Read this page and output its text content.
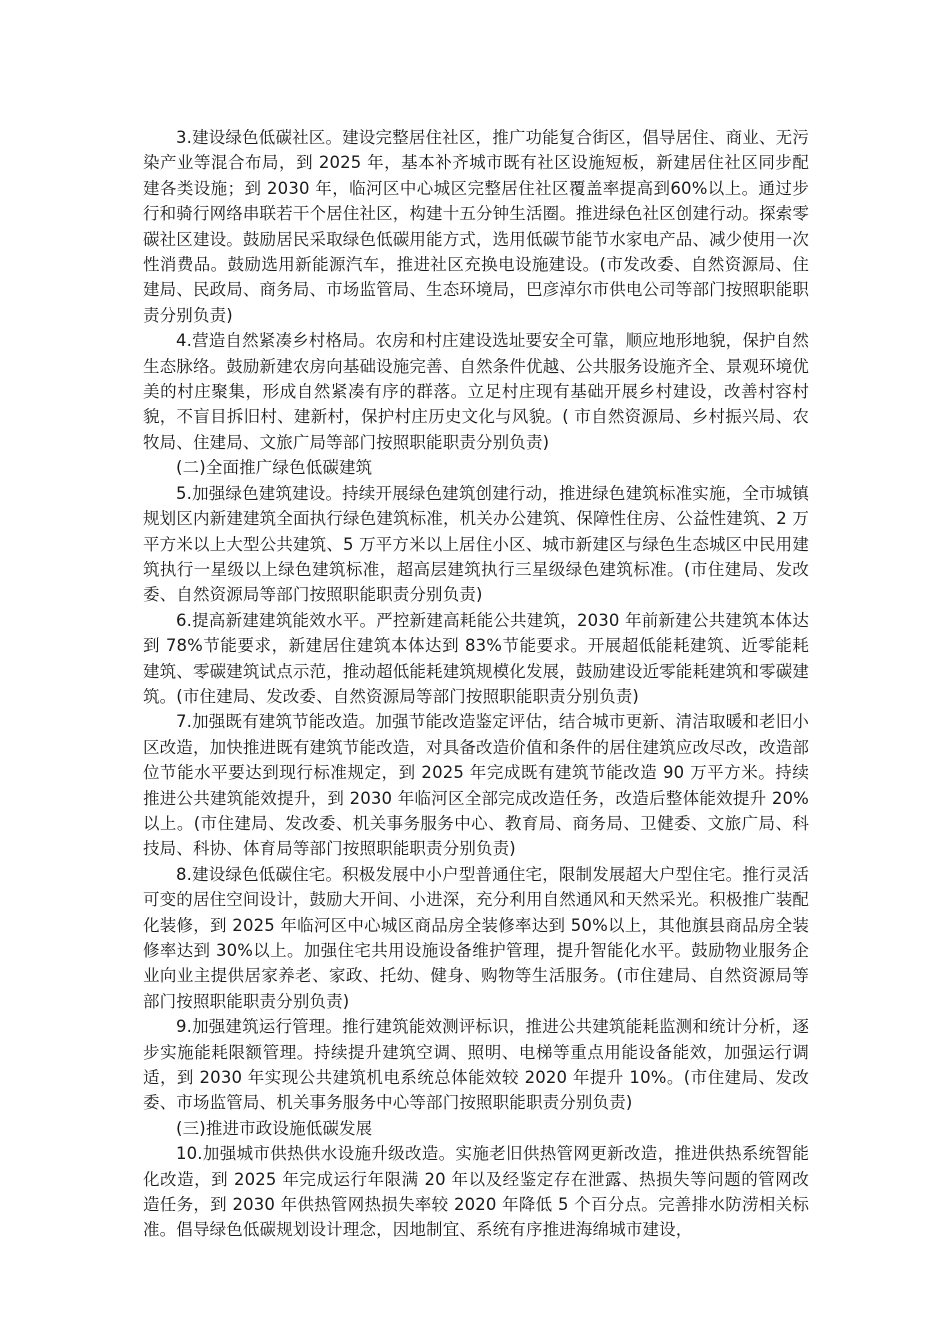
3.建设绿色低碳社区。建设完整居住社区，推广功能复合街区，倡导居住、商业、无污染产业等混合布局，到 2025 年，基本补齐城市既有社区设施短板，新建居住社区同步配建各类设施；到 2030 年，临河区中心城区完整居住社区覆盖率提高到60%以上。通过步行和骑行网络串联若干个居住社区，构建十五分钟生活圈。推进绿色社区创建行动。探索零碳社区建设。鼓励居民采取绿色低碳用能方式，选用低碳节能节水家电产品、减少使用一次性消费品。鼓励选用新能源汽车，推进社区充换电设施建设。(市发改委、自然资源局、住建局、民政局、商务局、市场监管局、生态环境局，巴彦淖尔市供电公司等部门按照职能职责分别负责)

4.营造自然紧凑乡村格局。农房和村庄建设选址要安全可靠，顺应地形地貌，保护自然生态脉络。鼓励新建农房向基础设施完善、自然条件优越、公共服务设施齐全、景观环境优美的村庄聚集，形成自然紧凑有序的群落。立足村庄现有基础开展乡村建设，改善村容村貌，不盲目拆旧村、建新村，保护村庄历史文化与风貌。( 市自然资源局、乡村振兴局、农牧局、住建局、文旅广局等部门按照职能职责分别负责)

(二)全面推广绿色低碳建筑

5.加强绿色建筑建设。持续开展绿色建筑创建行动，推进绿色建筑标准实施，全市城镇规划区内新建建筑全面执行绿色建筑标准，机关办公建筑、保障性住房、公益性建筑、2 万平方米以上大型公共建筑、5 万平方米以上居住小区、城市新建区与绿色生态城区中民用建筑执行一星级以上绿色建筑标准，超高层建筑执行三星级绿色建筑标准。(市住建局、发改委、自然资源局等部门按照职能职责分别负责)

6.提高新建建筑能效水平。严控新建高耗能公共建筑，2030 年前新建公共建筑本体达到 78%节能要求，新建居住建筑本体达到 83%节能要求。开展超低能耗建筑、近零能耗建筑、零碳建筑试点示范，推动超低能耗建筑规模化发展，鼓励建设近零能耗建筑和零碳建筑。(市住建局、发改委、自然资源局等部门按照职能职责分别负责)

7.加强既有建筑节能改造。加强节能改造鉴定评估，结合城市更新、清洁取暖和老旧小区改造，加快推进既有建筑节能改造，对具备改造价值和条件的居住建筑应改尽改，改造部位节能水平要达到现行标准规定，到 2025 年完成既有建筑节能改造 90 万平方米。持续推进公共建筑能效提升，到 2030 年临河区全部完成改造任务，改造后整体能效提升 20%以上。(市住建局、发改委、机关事务服务中心、教育局、商务局、卫健委、文旅广局、科技局、科协、体育局等部门按照职能职责分别负责)

8.建设绿色低碳住宅。积极发展中小户型普通住宅，限制发展超大户型住宅。推行灵活可变的居住空间设计，鼓励大开间、小进深，充分利用自然通风和天然采光。积极推广装配化装修，到 2025 年临河区中心城区商品房全装修率达到 50%以上，其他旗县商品房全装修率达到 30%以上。加强住宅共用设施设备维护管理，提升智能化水平。鼓励物业服务企业向业主提供居家养老、家政、托幼、健身、购物等生活服务。(市住建局、自然资源局等部门按照职能职责分别负责)

9.加强建筑运行管理。推行建筑能效测评标识，推进公共建筑能耗监测和统计分析，逐步实施能耗限额管理。持续提升建筑空调、照明、电梯等重点用能设备能效，加强运行调适，到 2030 年实现公共建筑机电系统总体能效较 2020 年提升 10%。(市住建局、发改委、市场监管局、机关事务服务中心等部门按照职能职责分别负责)

(三)推进市政设施低碳发展

10.加强城市供热供水设施升级改造。实施老旧供热管网更新改造，推进供热系统智能化改造，到 2025 年完成运行年限满 20 年以及经鉴定存在泄露、热损失等问题的管网改造任务，到 2030 年供热管网热损失率较 2020 年降低 5 个百分点。完善排水防涝相关标准。倡导绿色低碳规划设计理念，因地制宜、系统有序推进海绵城市建设，
